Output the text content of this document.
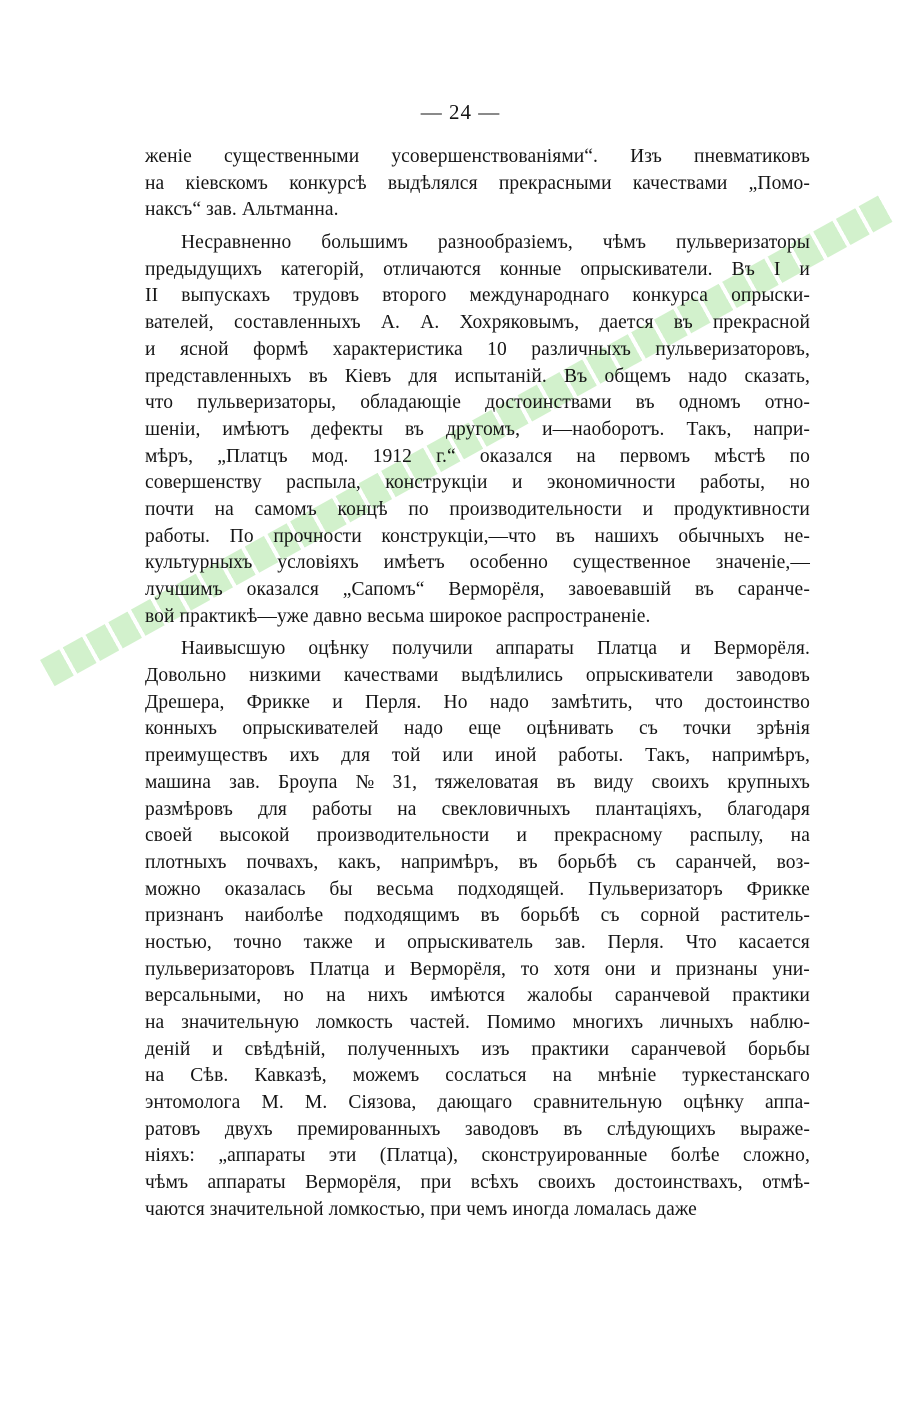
— 24 —
женіе существенными усовершенствованіями“. Изъ пневматиковъ
на кіевскомъ конкурсѣ выдѣлялся прекрасными качествами „Помо-
наксъ“ зав. Альтманна.
Несравненно большимъ разнообразіемъ, чѣмъ пульверизаторы
предыдущихъ категорій, отличаются конные опрыскиватели. Въ I и
II выпускахъ трудовъ второго международнаго конкурса опрыски-
вателей, составленныхъ А. А. Хохряковымъ, дается въ прекрасной
и ясной формѣ характеристика 10 различныхъ пульверизаторовъ,
представленныхъ въ Кіевъ для испытаній. Въ общемъ надо сказать,
что пульверизаторы, обладающіе достоинствами въ одномъ отно-
шеніи, имѣютъ дефекты въ другомъ, и—наоборотъ. Такъ, напри-
мѣръ, „Платцъ мод. 1912 г.“ оказался на первомъ мѣстѣ по
совершенству распыла, конструкціи и экономичности работы, но
почти на самомъ концѣ по производительности и продуктивности
работы. По прочности конструкціи,—что въ нашихъ обычныхъ не-
культурныхъ условіяхъ имѣетъ особенно существенное значеніе,—
лучшимъ оказался „Сапомъ“ Верморёля, завоевавшій въ саранче-
вой практикѣ—уже давно весьма широкое распространеніе.
Наивысшую оцѣнку получили аппараты Платца и Верморёля.
Довольно низкими качествами выдѣлились опрыскиватели заводовъ
Дрешера, Фрикке и Перля. Но надо замѣтить, что достоинство
конныхъ опрыскивателей надо еще оцѣнивать съ точки зрѣнія
преимуществъ ихъ для той или иной работы. Такъ, напримѣръ,
машина зав. Броупа № 31, тяжеловатая въ виду своихъ крупныхъ
размѣровъ для работы на свекловичныхъ плантаціяхъ, благодаря
своей высокой производительности и прекрасному распылу, на
плотныхъ почвахъ, какъ, напримѣръ, въ борьбѣ съ саранчей, воз-
можно оказалась бы весьма подходящей. Пульверизаторъ Фрикке
признанъ наиболѣе подходящимъ въ борьбѣ съ сорной раститель-
ностью, точно также и опрыскиватель зав. Перля. Что касается
пульверизаторовъ Платца и Верморёля, то хотя они и признаны уни-
версальными, но на нихъ имѣются жалобы саранчевой практики
на значительную ломкость частей. Помимо многихъ личныхъ наблю-
деній и свѣдѣній, полученныхъ изъ практики саранчевой борьбы
на Сѣв. Кавказѣ, можемъ сослаться на мнѣніе туркестанскаго
энтомолога М. М. Сіязова, дающаго сравнительную оцѣнку аппа-
ратовъ двухъ премированныхъ заводовъ въ слѣдующихъ выраже-
ніяхъ: „аппараты эти (Платца), сконструированные болѣе сложно,
чѣмъ аппараты Верморёля, при всѣхъ своихъ достоинствахъ, отмѣ-
чаются значительной ломкостью, при чемъ иногда ломалась даже
